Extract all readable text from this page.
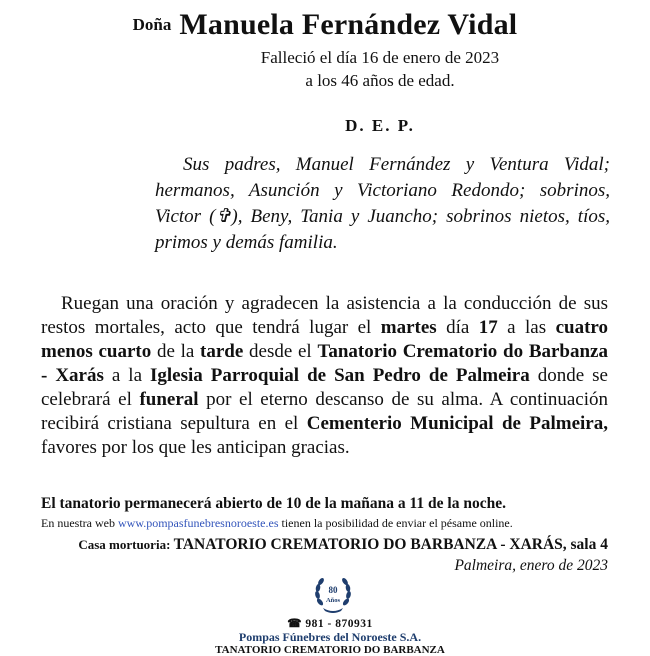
Doña Manuela Fernández Vidal
Falleció el día 16 de enero de 2023
a los 46 años de edad.
D. E. P.

Sus padres, Manuel Fernández y Ventura Vidal; hermanos, Asunción y Victoriano Redondo; sobrinos, Victor (✞), Beny, Tania y Juancho; sobrinos nietos, tíos, primos y demás familia.

Ruegan una oración y agradecen la asistencia a la conducción de sus restos mortales, acto que tendrá lugar el martes día 17 a las cuatro menos cuarto de la tarde desde el Tanatorio Crematorio do Barbanza - Xarás a la Iglesia Parroquial de San Pedro de Palmeira donde se celebrará el funeral por el eterno descanso de su alma. A continuación recibirá cristiana sepultura en el Cementerio Municipal de Palmeira, favores por los que les anticipan gracias.

El tanatorio permanecerá abierto de 10 de la mañana a 11 de la noche.
En nuestra web www.pompasfunebresnoroeste.es tienen la posibilidad de enviar el pésame online.
Casa mortuoria: TANATORIO CREMATORIO DO BARBANZA - XARÁS, sala 4
Palmeira, enero de 2023
80
Años
☎ 981 - 870931
Pompas Fúnebres del Noroeste S.A.
TANATORIO CREMATORIO DO BARBANZA
